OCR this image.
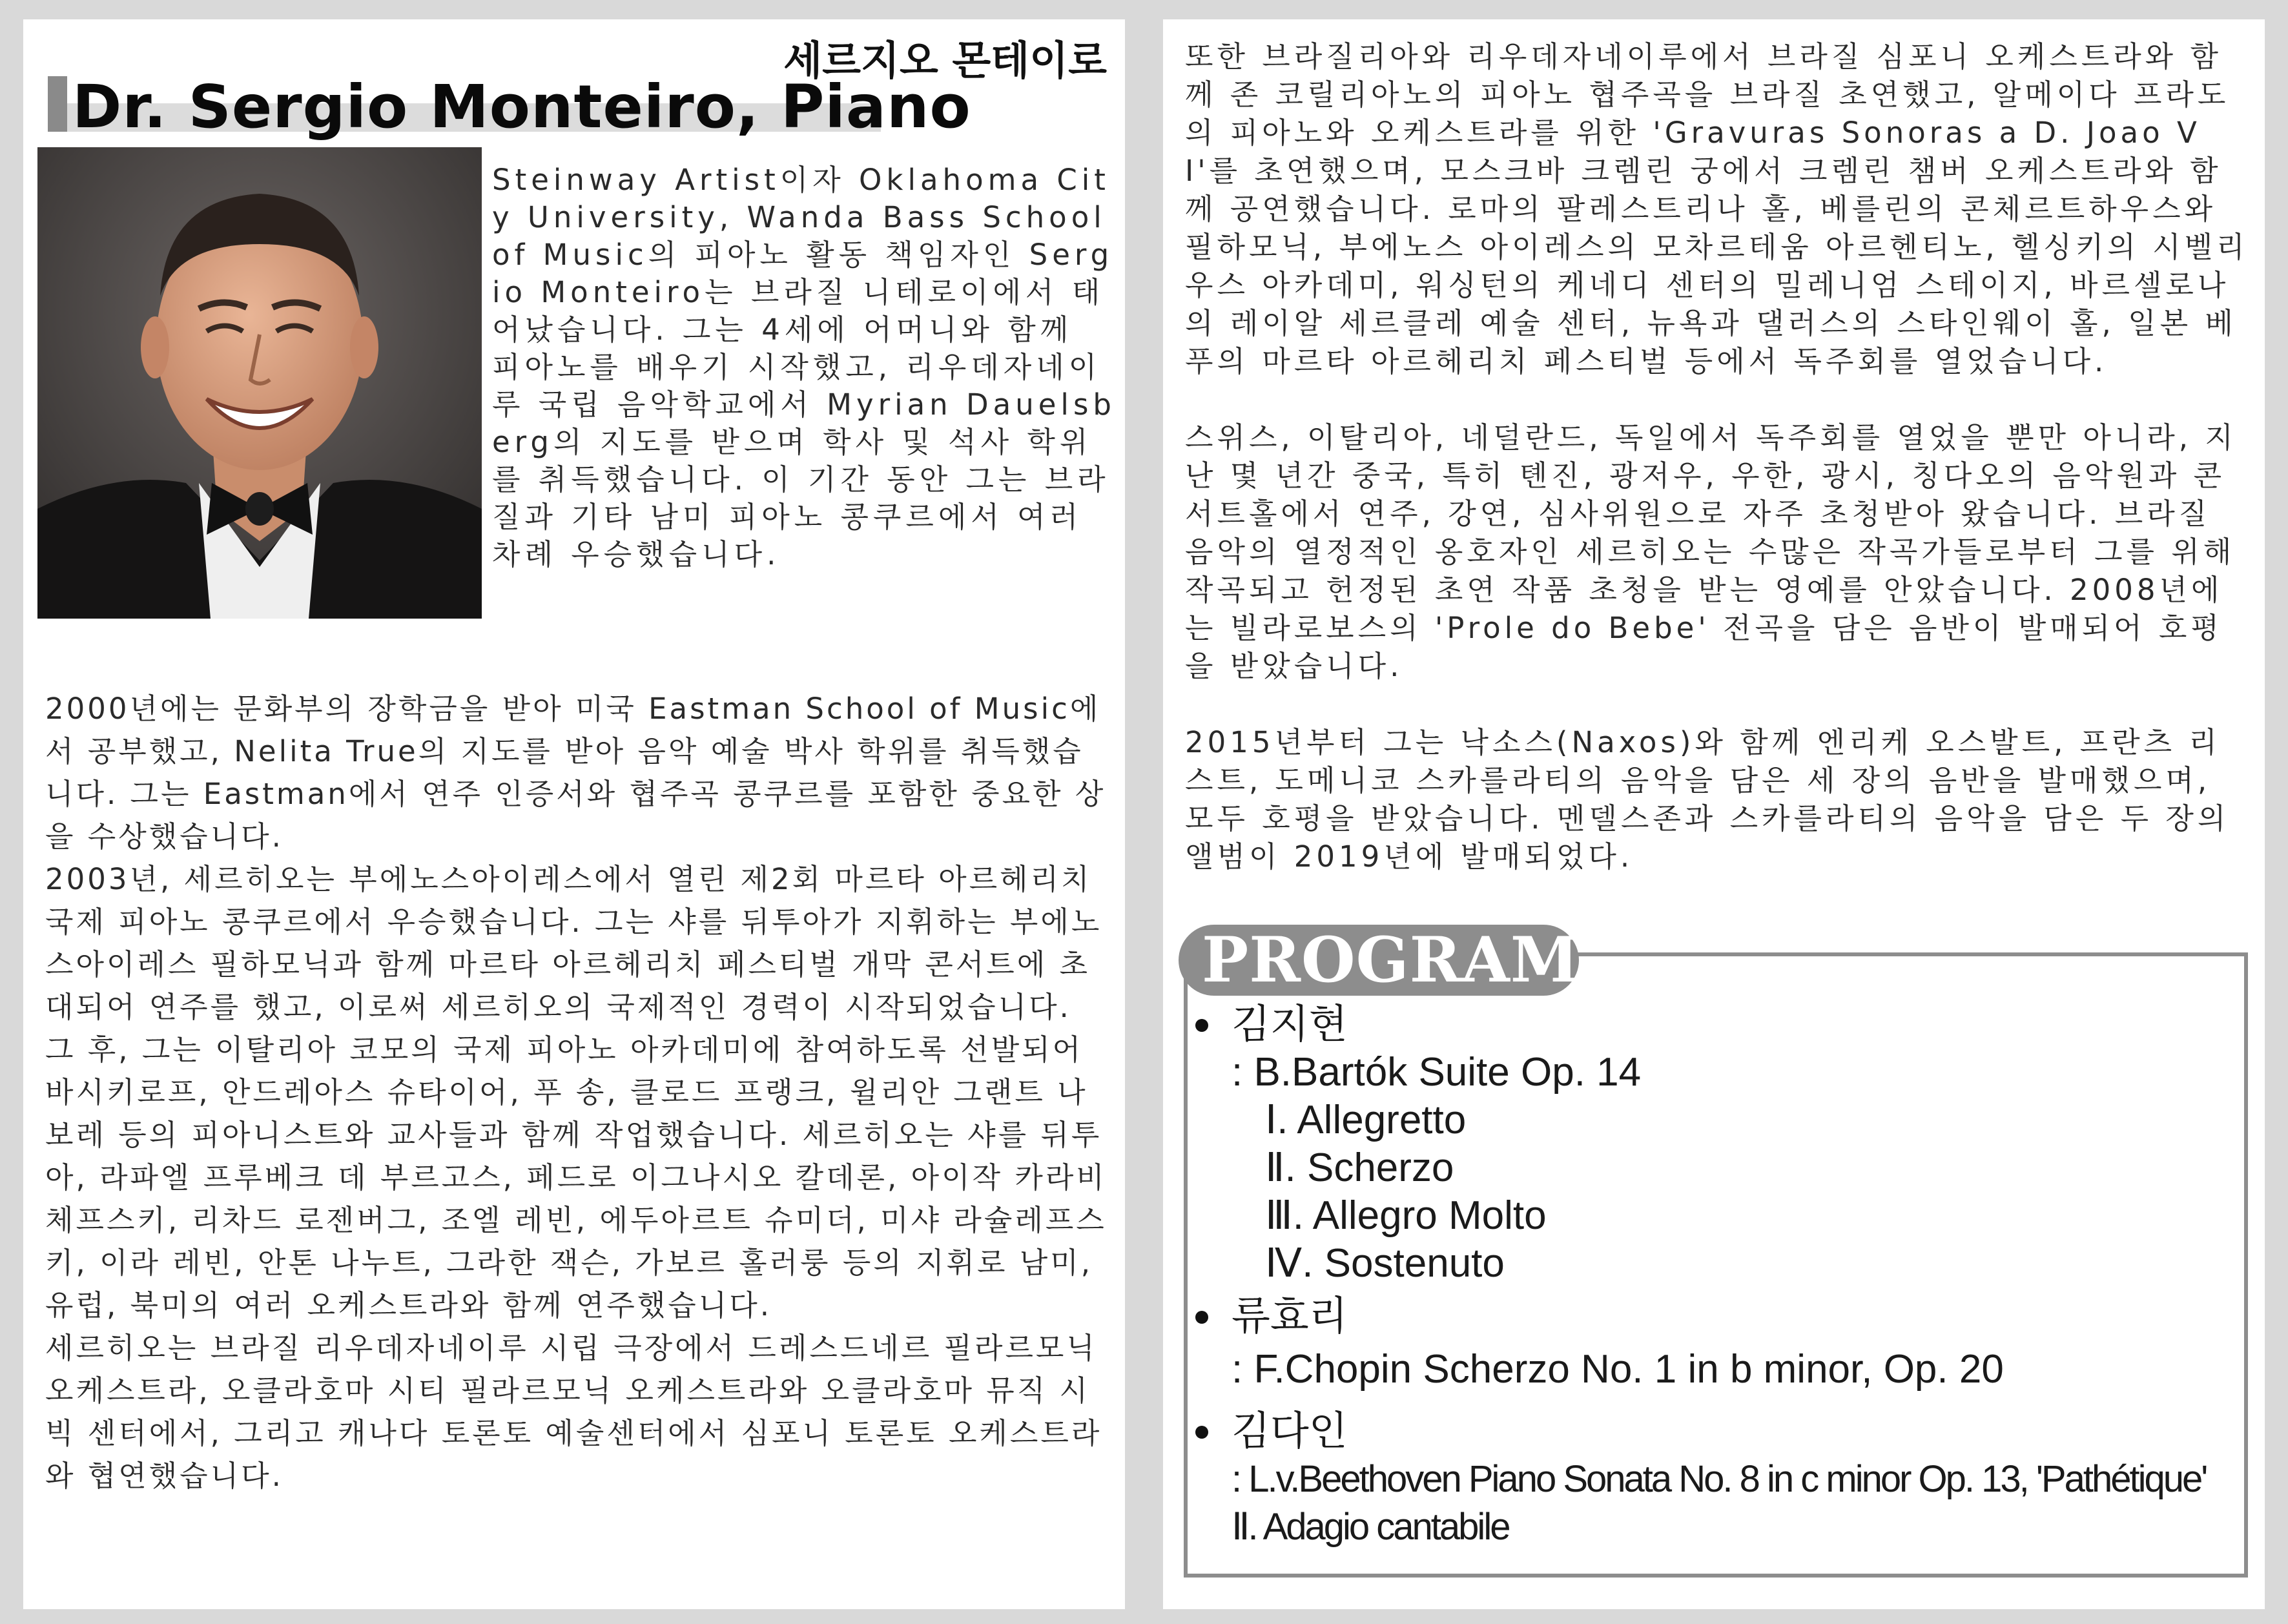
세르지오 몬테이로
Dr. Sergio Monteiro, Piano

Steinway Artist이자 Oklahoma City University, Wanda Bass School of Music의 피아노 활동 책임자인 Sergio Monteiro는 브라질 니테로이에서 태어났습니다. 그는 4세에 어머니와 함께 피아노를 배우기 시작했고, 리우데자네이루 국립 음악학교에서 Myrian Dauelsberg의 지도를 받으며 학사 및 석사 학위를 취득했습니다. 이 기간 동안 그는 브라질과 기타 남미 피아노 콩쿠르에서 여러 차례 우승했습니다.

2000년에는 문화부의 장학금을 받아 미국 Eastman School of Music에서 공부했고, Nelita True의 지도를 받아 음악 예술 박사 학위를 취득했습니다. 그는 Eastman에서 연주 인증서와 협주곡 콩쿠르를 포함한 중요한 상을 수상했습니다.

2003년, 세르히오는 부에노스아이레스에서 열린 제2회 마르타 아르헤리치 국제 피아노 콩쿠르에서 우승했습니다. 그는 샤를 뒤투아가 지휘하는 부에노스아이레스 필하모닉과 함께 마르타 아르헤리치 페스티벌 개막 콘서트에 초대되어 연주를 했고, 이로써 세르히오의 국제적인 경력이 시작되었습니다. 그 후, 그는 이탈리아 코모의 국제 피아노 아카데미에 참여하도록 선발되어 바시키로프, 안드레아스 슈타이어, 푸 송, 클로드 프랭크, 윌리안 그랜트 나보레 등의 피아니스트와 교사들과 함께 작업했습니다. 세르히오는 샤를 뒤투아, 라파엘 프루베크 데 부르고스, 페드로 이그나시오 칼데론, 아이작 카라비체프스키, 리차드 로젠버그, 조엘 레빈, 에두아르트 슈미더, 미샤 라슐레프스키, 이라 레빈, 안톤 나누트, 그라한 잭슨, 가보르 홀러룽 등의 지휘로 남미, 유럽, 북미의 여러 오케스트라와 함께 연주했습니다.

세르히오는 브라질 리우데자네이루 시립 극장에서 드레스드네르 필라르모닉 오케스트라, 오클라호마 시티 필라르모닉 오케스트라와 오클라호마 뮤직 시빅 센터에서, 그리고 캐나다 토론토 예술센터에서 심포니 토론토 오케스트라와 협연했습니다.

또한 브라질리아와 리우데자네이루에서 브라질 심포니 오케스트라와 함께 존 코릴리아노의 피아노 협주곡을 브라질 초연했고, 알메이다 프라도의 피아노와 오케스트라를 위한 'Gravuras Sonoras a D. Joao VI'를 초연했으며, 모스크바 크렘린 궁에서 크렘린 챔버 오케스트라와 함께 공연했습니다. 로마의 팔레스트리나 홀, 베를린의 콘체르트하우스와 필하모닉, 부에노스 아이레스의 모차르테움 아르헨티노, 헬싱키의 시벨리우스 아카데미, 워싱턴의 케네디 센터의 밀레니엄 스테이지, 바르셀로나의 레이알 세르클레 예술 센터, 뉴욕과 댈러스의 스타인웨이 홀, 일본 베푸의 마르타 아르헤리치 페스티벌 등에서 독주회를 열었습니다.

스위스, 이탈리아, 네덜란드, 독일에서 독주회를 열었을 뿐만 아니라, 지난 몇 년간 중국, 특히 톈진, 광저우, 우한, 광시, 칭다오의 음악원과 콘서트홀에서 연주, 강연, 심사위원으로 자주 초청받아 왔습니다. 브라질 음악의 열정적인 옹호자인 세르히오는 수많은 작곡가들로부터 그를 위해 작곡되고 헌정된 초연 작품 초청을 받는 영예를 안았습니다. 2008년에는 빌라로보스의 'Prole do Bebe' 전곡을 담은 음반이 발매되어 호평을 받았습니다.

2015년부터 그는 낙소스(Naxos)와 함께 엔리케 오스발트, 프란츠 리스트, 도메니코 스카를라티의 음악을 담은 세 장의 음반을 발매했으며, 모두 호평을 받았습니다. 멘델스존과 스카를라티의 음악을 담은 두 장의 앨범이 2019년에 발매되었다.

PROGRAM
김지현
: B.Bartók Suite Op. 14
Ⅰ. Allegretto
Ⅱ. Scherzo
Ⅲ. Allegro Molto
Ⅳ. Sostenuto
류효리
: F.Chopin Scherzo No. 1 in b minor, Op. 20
김다인
: L.v.Beethoven Piano Sonata No. 8 in c minor Op. 13, 'Pathétique'
Ⅱ. Adagio cantabile
